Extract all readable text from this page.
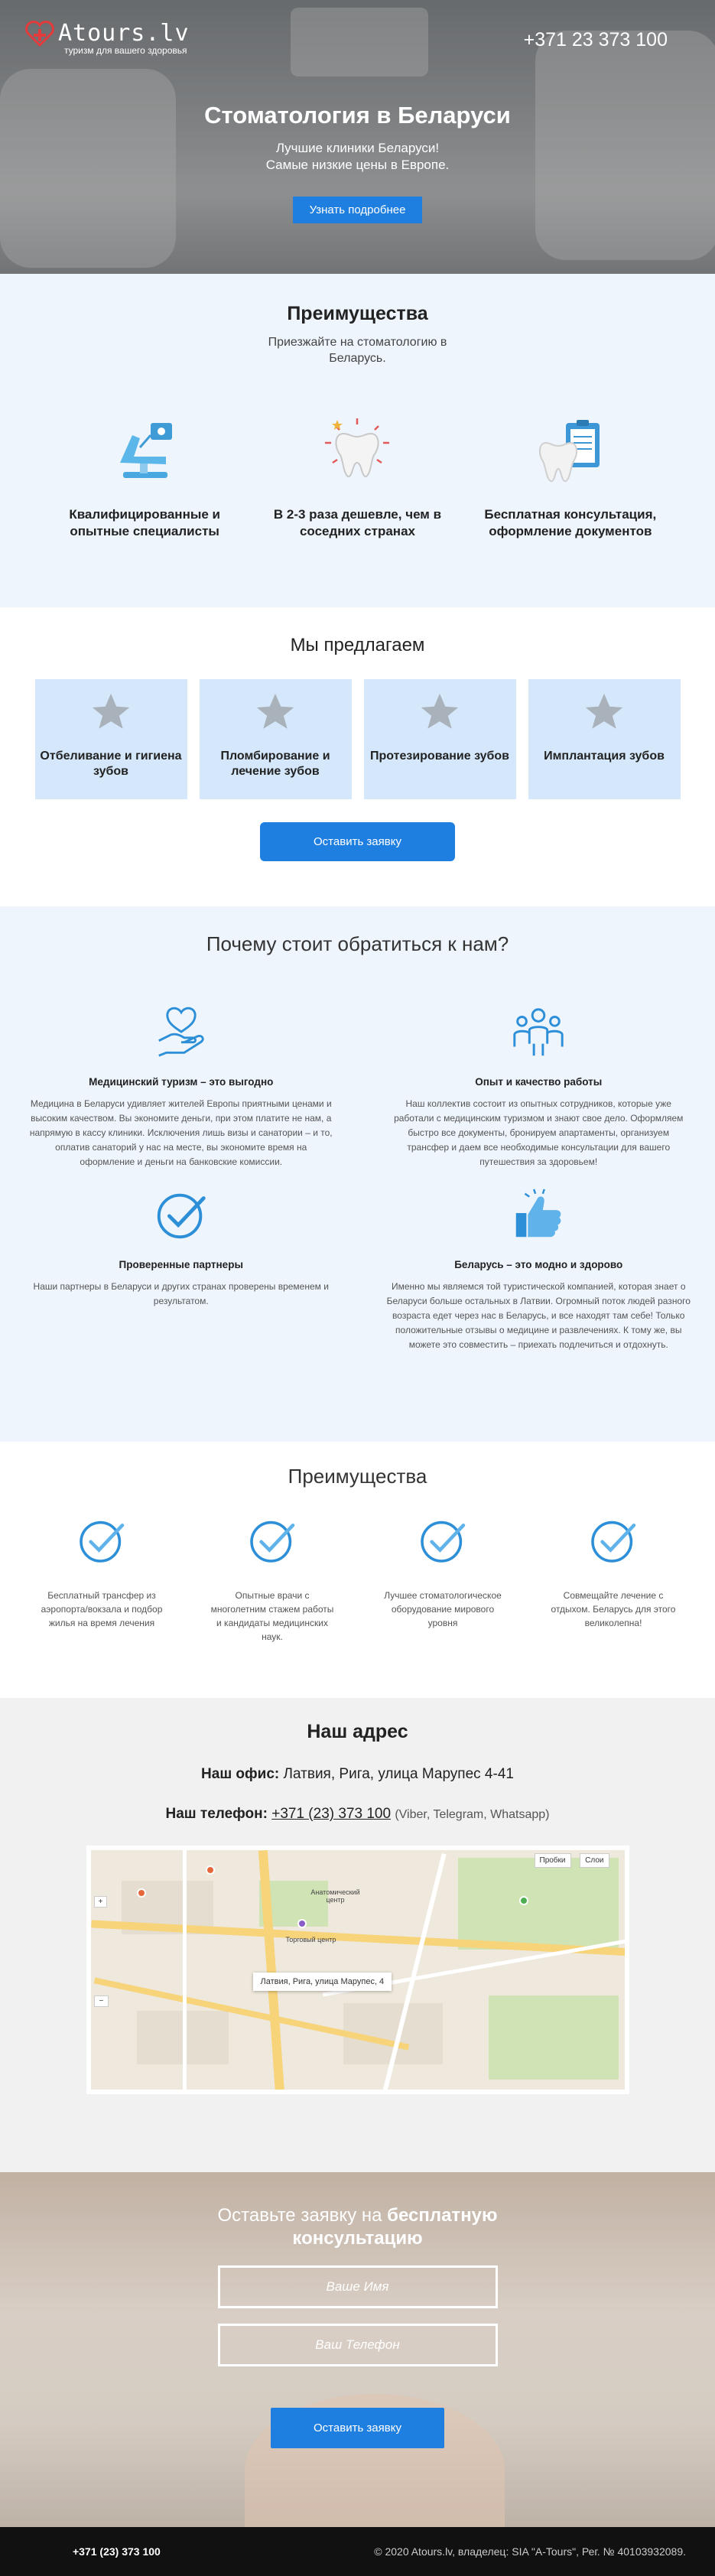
Atours.lv
туризм для вашего здоровья	+371 23 373 100
Стоматология в Беларуси

Лучшие клиники Беларуси! Самые низкие цены в Европе.

Узнать подробнее
Преимущества
Приезжайте на стоматологию в Беларусь.
Квалифицированные и опытные специалисты
В 2-3 раза дешевле, чем в соседних странах
Бесплатная консультация, оформление документов
Мы предлагаем
Отбеливание и гигиена зубов
Пломбирование и лечение зубов
Протезирование зубов	Имплантация зубов
Оставить заявку
Почему стоит обратиться к нам?
Медицинский туризм – это выгодно
Медицина в Беларуси удивляет жителей Европы приятными ценами и высоким качеством. Вы экономите деньги, при этом платите не нам, а напрямую в кассу клиники. Исключения лишь визы и санатории – и то, оплатив санаторий у нас на месте, вы экономите время на оформление и деньги на банковские комиссии.
Опыт и качество работы
Наш коллектив состоит из опытных сотрудников, которые уже работали с медицинским туризмом и знают свое дело. Оформляем быстро все документы, бронируем апартаменты, организуем трансфер и даем все необходимые консультации для вашего путешествия за здоровьем!
Проверенные партнеры
Наши партнеры в Беларуси и других странах проверены временем и результатом.
Беларусь – это модно и здорово
Именно мы являемся той туристической компанией, которая знает о Беларуси больше остальных в Латвии. Огромный поток людей разного возраста едет через нас в Беларусь, и все находят там себе! Только положительные отзывы о медицине и развлечениях. К тому же, вы можете это совместить – приехать подлечиться и отдохнуть.
Преимущества
Бесплатный трансфер из аэропорта/вокзала и подбор жилья на время лечения
Опытные врачи с многолетним стажем работы и кандидаты медицинских наук.
Лучшее стоматологическое оборудование мирового уровня
Совмещайте лечение с отдыхом. Беларусь для этого великолепна!
Наш адрес
Наш офис: Латвия, Рига, улица Марупес 4-41
Наш телефон: +371 (23) 373 100 (Viber, Telegram, Whatsapp)
Торговый центр
Анатомический центр
Латвия, Рига, улица Марупес, 4
Пробки	Слои
+
−
Оставьте заявку на бесплатную консультацию
Ваше Имя
Ваш Телефон Оставить заявку
+371 (23) 373 100	© 2020 Atours.lv, владелец: SIA "A-Tours", Рег. № 40103932089.
